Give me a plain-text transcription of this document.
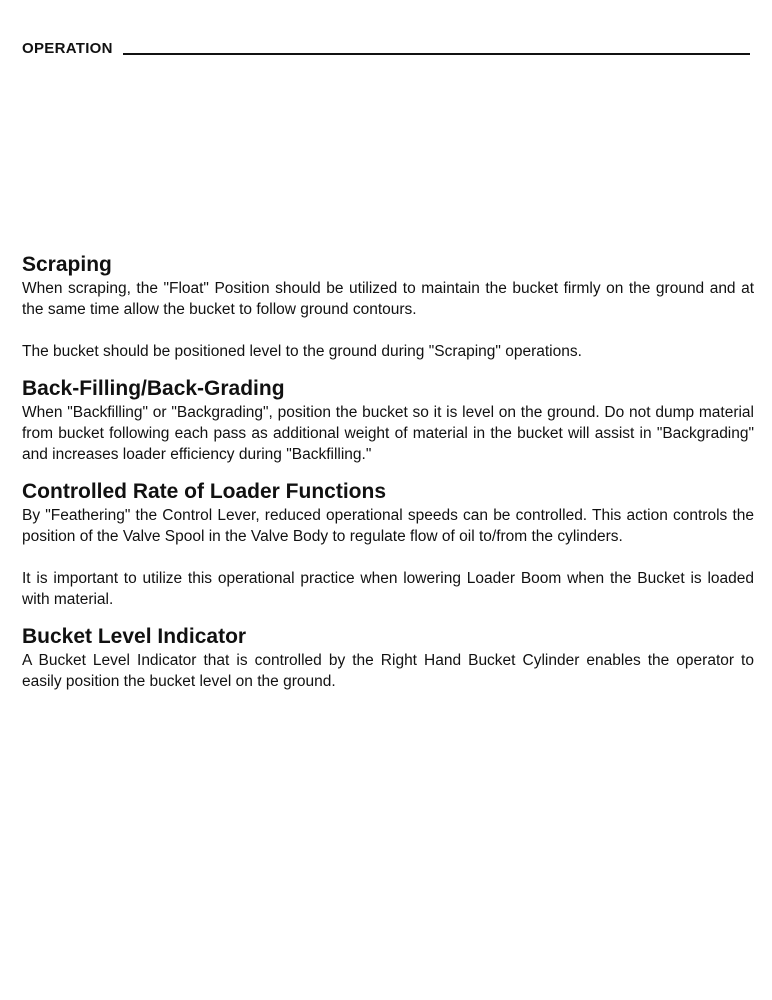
OPERATION
Scraping

When scraping, the "Float" Position should be utilized to maintain the bucket firmly on the ground and at the same time allow the bucket to follow ground contours.

The bucket should be positioned level to the ground during "Scraping" operations.

Back-Filling/Back-Grading

When "Backfilling" or "Backgrading", position the bucket so it is level on the ground. Do not dump material from bucket following each pass as additional weight of material in the bucket will assist in "Backgrading" and increases loader efficiency during "Backfilling."

Controlled Rate of Loader Functions

By "Feathering" the Control Lever, reduced operational speeds can be controlled. This action controls the position of the Valve Spool in the Valve Body to regulate flow of oil to/from the cylinders.

It is important to utilize this operational practice when lowering Loader Boom when the Bucket is loaded with material.

Bucket Level Indicator

A Bucket Level Indicator that is controlled by the Right Hand Bucket Cylinder enables the operator to easily position the bucket level on the ground.
